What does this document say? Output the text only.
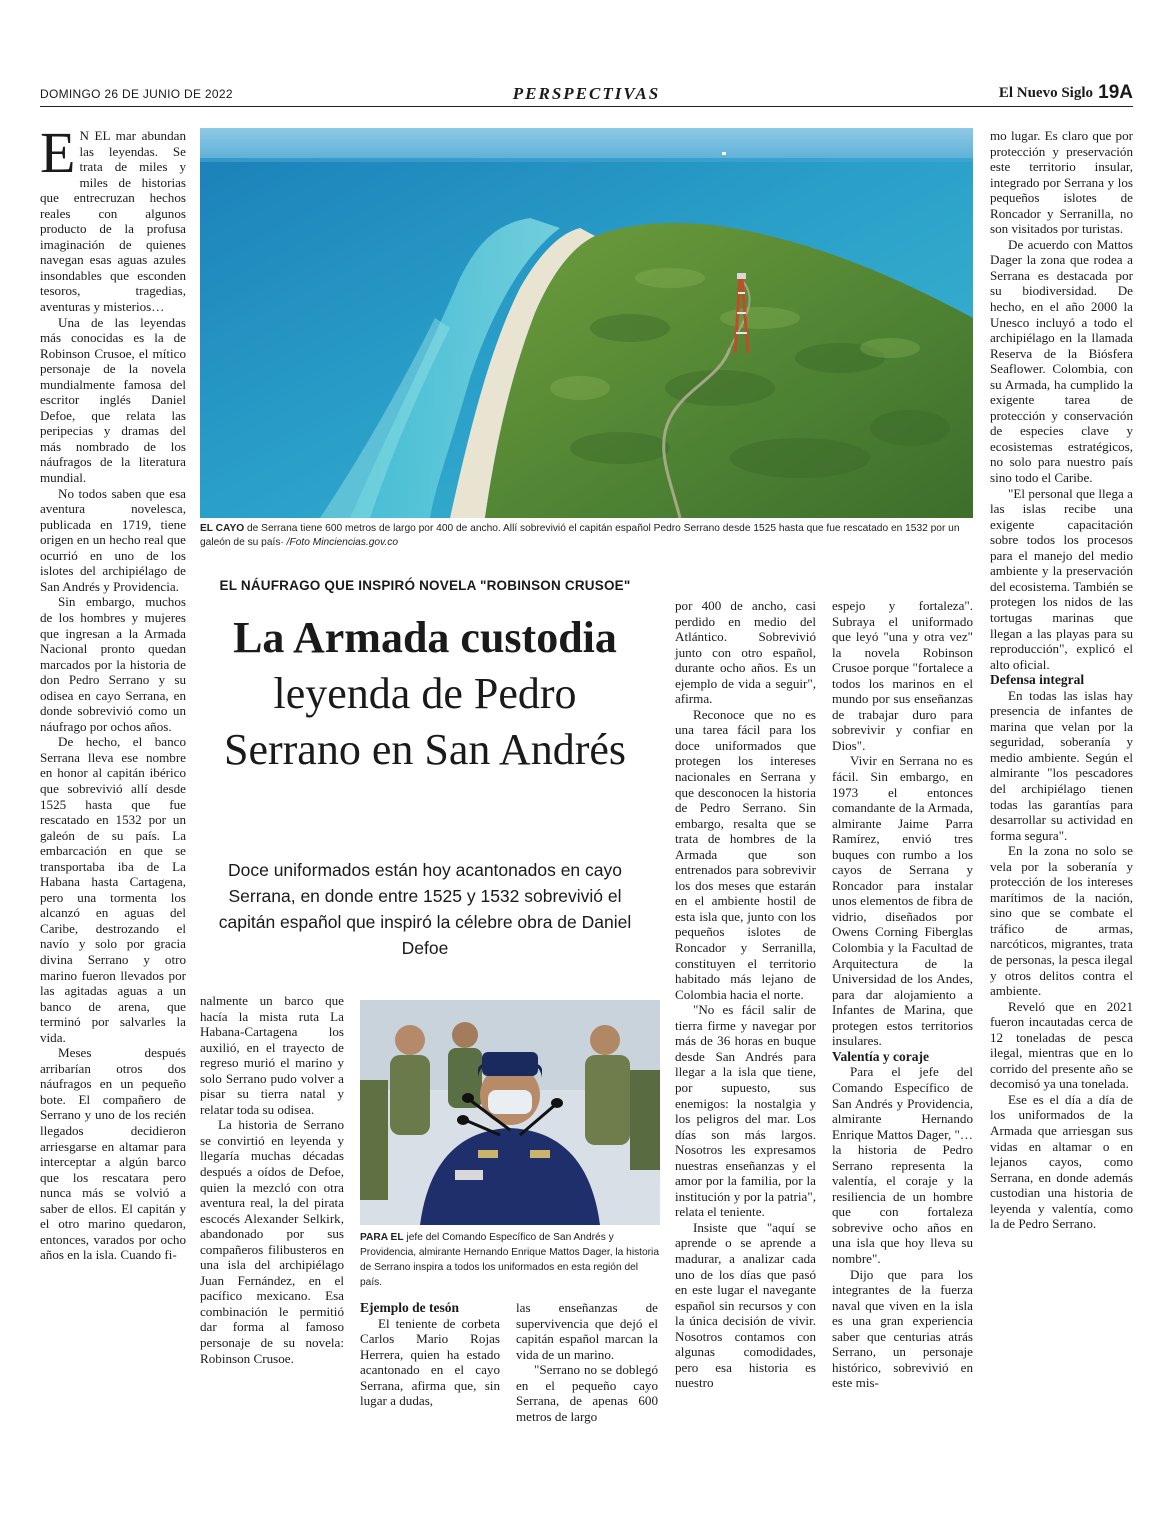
DOMINGO 26 DE JUNIO DE 2022	PERSPECTIVAS	El Nuevo Siglo 19A

E N EL mar abundan las leyendas. Se trata de miles y miles de historias que entrecruzan hechos reales con algunos producto de la profusa imaginación de quienes navegan esas aguas azules insondables que esconden tesoros, tragedias, aventuras y misterios…

Una de las leyendas más conocidas es la de Robinson Crusoe, el mítico personaje de la novela mundialmente famosa del escritor inglés Daniel Defoe, que relata las peripecias y dramas del más nombrado de los náufragos de la literatura mundial.

No todos saben que esa aventura novelesca, publicada en 1719, tiene origen en un hecho real que ocurrió en uno de los islotes del archipiélago de San Andrés y Providencia.

Sin embargo, muchos de los hombres y mujeres que ingresan a la Armada Nacional pronto quedan marcados por la historia de don Pedro Serrano y su odisea en cayo Serrana, en donde sobrevivió como un náufrago por ochos años.

De hecho, el banco Serrana lleva ese nombre en honor al capitán ibérico que sobrevivió allí desde 1525 hasta que fue rescatado en 1532 por un galeón de su país. La embarcación en que se transportaba iba de La Habana hasta Cartagena, pero una tormenta los alcanzó en aguas del Caribe, destrozando el navío y solo por gracia divina Serrano y otro marino fueron llevados por las agitadas aguas a un banco de arena, que terminó por salvarles la vida.

Meses después arribarían otros dos náufragos en un pequeño bote. El compañero de Serrano y uno de los recién llegados decidieron arriesgarse en altamar para interceptar a algún barco que los rescatara pero nunca más se volvió a saber de ellos. El capitán y el otro marino quedaron, entonces, varados por ocho años en la isla. Cuando fi-

EL CAYO de Serrana tiene 600 metros de largo por 400 de ancho. Allí sobrevivió el capitán español Pedro Serrano desde 1525 hasta que fue rescatado en 1532 por un galeón de su país· /Foto Minciencias.gov.co
EL NÁUFRAGO QUE INSPIRÓ NOVELA "ROBINSON CRUSOE"
La Armada custodia
leyenda de Pedro Serrano en San Andrés
Doce uniformados están hoy acantonados en cayo Serrana, en donde entre 1525 y 1532 sobrevivió el capitán español que inspiró la célebre obra de Daniel Defoe

nalmente un barco que hacía la mista ruta La Habana-Cartagena los auxilió, en el trayecto de regreso murió el marino y solo Serrano pudo volver a pisar su tierra natal y relatar toda su odisea.

La historia de Serrano se convirtió en leyenda y llegaría muchas décadas después a oídos de Defoe, quien la mezcló con otra aventura real, la del pirata escocés Alexander Selkirk, abandonado por sus compañeros filibusteros en una isla del archipiélago Juan Fernández, en el pacífico mexicano. Esa combinación le permitió dar forma al famoso personaje de su novela: Robinson Crusoe.

PARA EL jefe del Comando Específico de San Andrés y Providencia, almirante Hernando Enrique Mattos Dager, la historia de Serrano inspira a todos los uniformados en esta región del país.

Ejemplo de tesón

El teniente de corbeta Carlos Mario Rojas Herrera, quien ha estado acantonado en el cayo Serrana, afirma que, sin lugar a dudas,

las enseñanzas de supervivencia que dejó el capitán español marcan la vida de un marino.

"Serrano no se doblegó en el pequeño cayo Serrana, de apenas 600 metros de largo

por 400 de ancho, casi perdido en medio del Atlántico. Sobrevivió junto con otro español, durante ocho años. Es un ejemplo de vida a seguir", afirma.

Reconoce que no es una tarea fácil para los doce uniformados que protegen los intereses nacionales en Serrana y que desconocen la historia de Pedro Serrano. Sin embargo, resalta que se trata de hombres de la Armada que son entrenados para sobrevivir los dos meses que estarán en el ambiente hostil de esta isla que, junto con los pequeños islotes de Roncador y Serranilla, constituyen el territorio habitado más lejano de Colombia hacia el norte.

"No es fácil salir de tierra firme y navegar por más de 36 horas en buque desde San Andrés para llegar a la isla que tiene, por supuesto, sus enemigos: la nostalgia y los peligros del mar. Los días son más largos. Nosotros les expresamos nuestras enseñanzas y el amor por la familia, por la institución y por la patria", relata el teniente.

Insiste que "aquí se aprende o se aprende a madurar, a analizar cada uno de los días que pasó en este lugar el navegante español sin recursos y con la única decisión de vivir. Nosotros contamos con algunas comodidades, pero esa historia es nuestro

espejo y fortaleza". Subraya el uniformado que leyó "una y otra vez" la novela Robinson Crusoe porque "fortalece a todos los marinos en el mundo por sus enseñanzas de trabajar duro para sobrevivir y confiar en Dios".

Vivir en Serrana no es fácil. Sin embargo, en 1973 el entonces comandante de la Armada, almirante Jaime Parra Ramírez, envió tres buques con rumbo a los cayos de Serrana y Roncador para instalar unos elementos de fibra de vidrio, diseñados por Owens Corning Fiberglas Colombia y la Facultad de Arquitectura de la Universidad de los Andes, para dar alojamiento a Infantes de Marina, que protegen estos territorios insulares.

Valentía y coraje

Para el jefe del Comando Específico de San Andrés y Providencia, almirante Hernando Enrique Mattos Dager, "… la historia de Pedro Serrano representa la valentía, el coraje y la resiliencia de un hombre que con fortaleza sobrevive ocho años en una isla que hoy lleva su nombre".

Dijo que para los integrantes de la fuerza naval que viven en la isla es una gran experiencia saber que centurias atrás Serrano, un personaje histórico, sobrevivió en este mis-

mo lugar. Es claro que por protección y preservación este territorio insular, integrado por Serrana y los pequeños islotes de Roncador y Serranilla, no son visitados por turistas.

De acuerdo con Mattos Dager la zona que rodea a Serrana es destacada por su biodiversidad. De hecho, en el año 2000 la Unesco incluyó a todo el archipiélago en la llamada Reserva de la Biósfera Seaflower. Colombia, con su Armada, ha cumplido la exigente tarea de protección y conservación de especies clave y ecosistemas estratégicos, no solo para nuestro país sino todo el Caribe.

"El personal que llega a las islas recibe una exigente capacitación sobre todos los procesos para el manejo del medio ambiente y la preservación del ecosistema. También se protegen los nidos de las tortugas marinas que llegan a las playas para su reproducción", explicó el alto oficial.

Defensa integral

En todas las islas hay presencia de infantes de marina que velan por la seguridad, soberanía y medio ambiente. Según el almirante "los pescadores del archipiélago tienen todas las garantías para desarrollar su actividad en forma segura".

En la zona no solo se vela por la soberanía y protección de los intereses marítimos de la nación, sino que se combate el tráfico de armas, narcóticos, migrantes, trata de personas, la pesca ilegal y otros delitos contra el ambiente.

Reveló que en 2021 fueron incautadas cerca de 12 toneladas de pesca ilegal, mientras que en lo corrido del presente año se decomisó ya una tonelada.

Ese es el día a día de los uniformados de la Armada que arriesgan sus vidas en altamar o en lejanos cayos, como Serrana, en donde además custodian una historia de leyenda y valentía, como la de Pedro Serrano.
